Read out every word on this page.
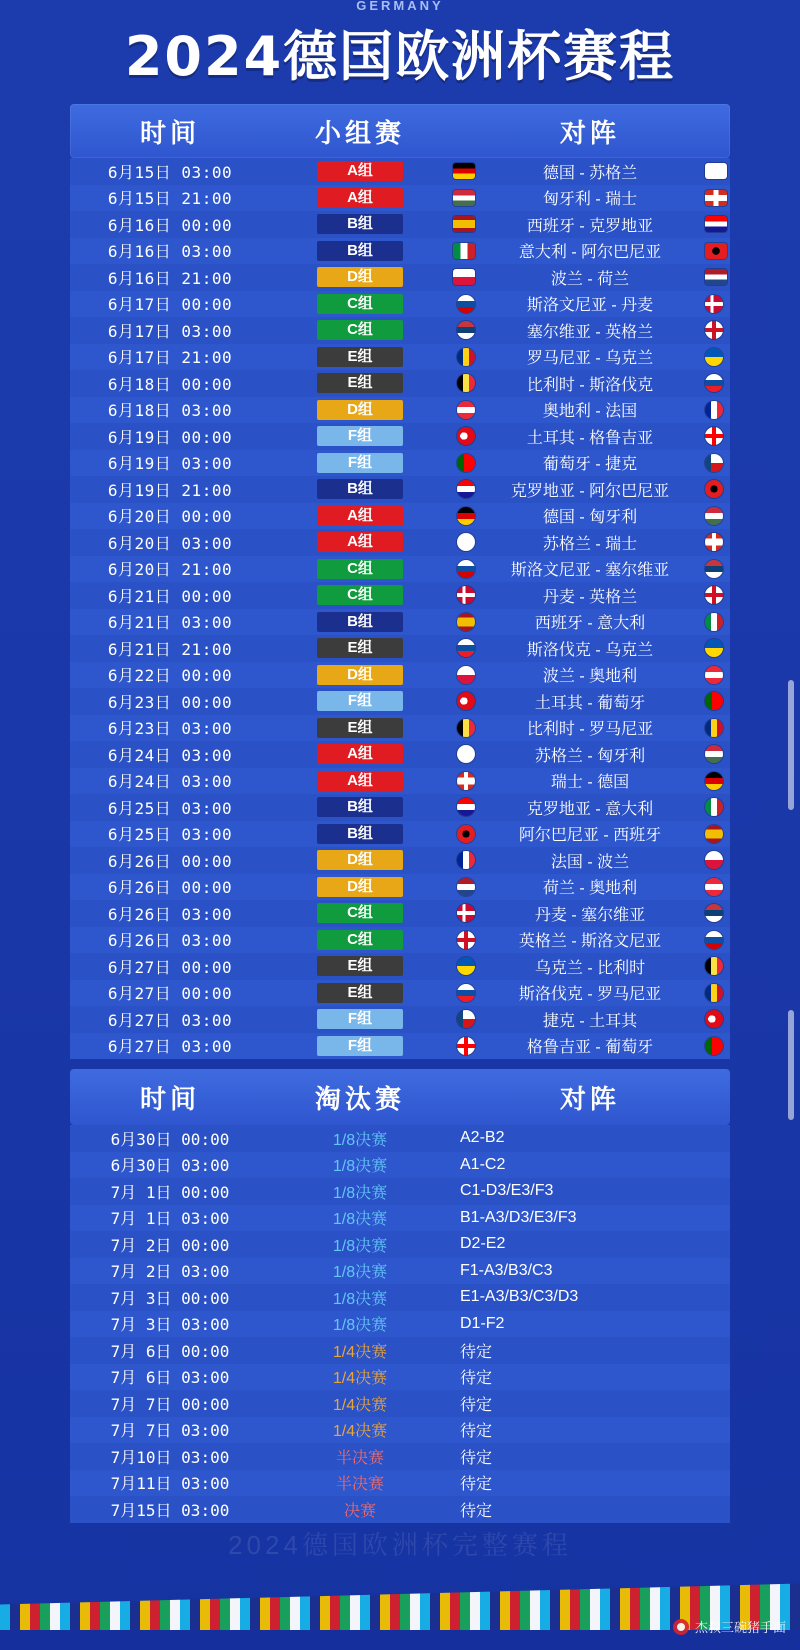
GERMANY
2024德国欧洲杯赛程
时间	小组赛	对阵
6月15日 03:00	A组	德国 - 苏格兰
6月15日 21:00	A组	匈牙利 - 瑞士
6月16日 00:00	B组	西班牙 - 克罗地亚
6月16日 03:00	B组	意大利 - 阿尔巴尼亚
6月16日 21:00	D组	波兰 - 荷兰
6月17日 00:00	C组	斯洛文尼亚 - 丹麦
6月17日 03:00	C组	塞尔维亚 - 英格兰
6月17日 21:00	E组	罗马尼亚 - 乌克兰
6月18日 00:00	E组	比利时 - 斯洛伐克
6月18日 03:00	D组	奥地利 - 法国
6月19日 00:00	F组	土耳其 - 格鲁吉亚
6月19日 03:00	F组	葡萄牙 - 捷克
6月19日 21:00	B组	克罗地亚 - 阿尔巴尼亚
6月20日 00:00	A组	德国 - 匈牙利
6月20日 03:00	A组	苏格兰 - 瑞士
6月20日 21:00	C组	斯洛文尼亚 - 塞尔维亚
6月21日 00:00	C组	丹麦 - 英格兰
6月21日 03:00	B组	西班牙 - 意大利
6月21日 21:00	E组	斯洛伐克 - 乌克兰
6月22日 00:00	D组	波兰 - 奥地利
6月23日 00:00	F组	土耳其 - 葡萄牙
6月23日 03:00	E组	比利时 - 罗马尼亚
6月24日 03:00	A组	苏格兰 - 匈牙利
6月24日 03:00	A组	瑞士 - 德国
6月25日 03:00	B组	克罗地亚 - 意大利
6月25日 03:00	B组	阿尔巴尼亚 - 西班牙
6月26日 00:00	D组	法国 - 波兰
6月26日 00:00	D组	荷兰 - 奥地利
6月26日 03:00	C组	丹麦 - 塞尔维亚
6月26日 03:00	C组	英格兰 - 斯洛文尼亚
6月27日 00:00	E组	乌克兰 - 比利时
6月27日 00:00	E组	斯洛伐克 - 罗马尼亚
6月27日 03:00	F组	捷克 - 土耳其
6月27日 03:00	F组	格鲁吉亚 - 葡萄牙
时间	淘汰赛	对阵
6月30日 00:00	1/8决赛	A2-B2
6月30日 03:00	1/8决赛	A1-C2
7月 1日 00:00	1/8决赛	C1-D3/E3/F3
7月 1日 03:00	1/8决赛	B1-A3/D3/E3/F3
7月 2日 00:00	1/8决赛	D2-E2
7月 2日 03:00	1/8决赛	F1-A3/B3/C3
7月 3日 00:00	1/8决赛	E1-A3/B3/C3/D3
7月 3日 03:00	1/8决赛	D1-F2
7月 6日 00:00	1/4决赛	待定
7月 6日 03:00	1/4决赛	待定
7月 7日 00:00	1/4决赛	待定
7月 7日 03:00	1/4决赛	待定
7月10日 03:00	半决赛	待定
7月11日 03:00	半决赛	待定
7月15日 03:00	决赛	待定
2024德国欧洲杯完整赛程
杰叔三碗猪手面
